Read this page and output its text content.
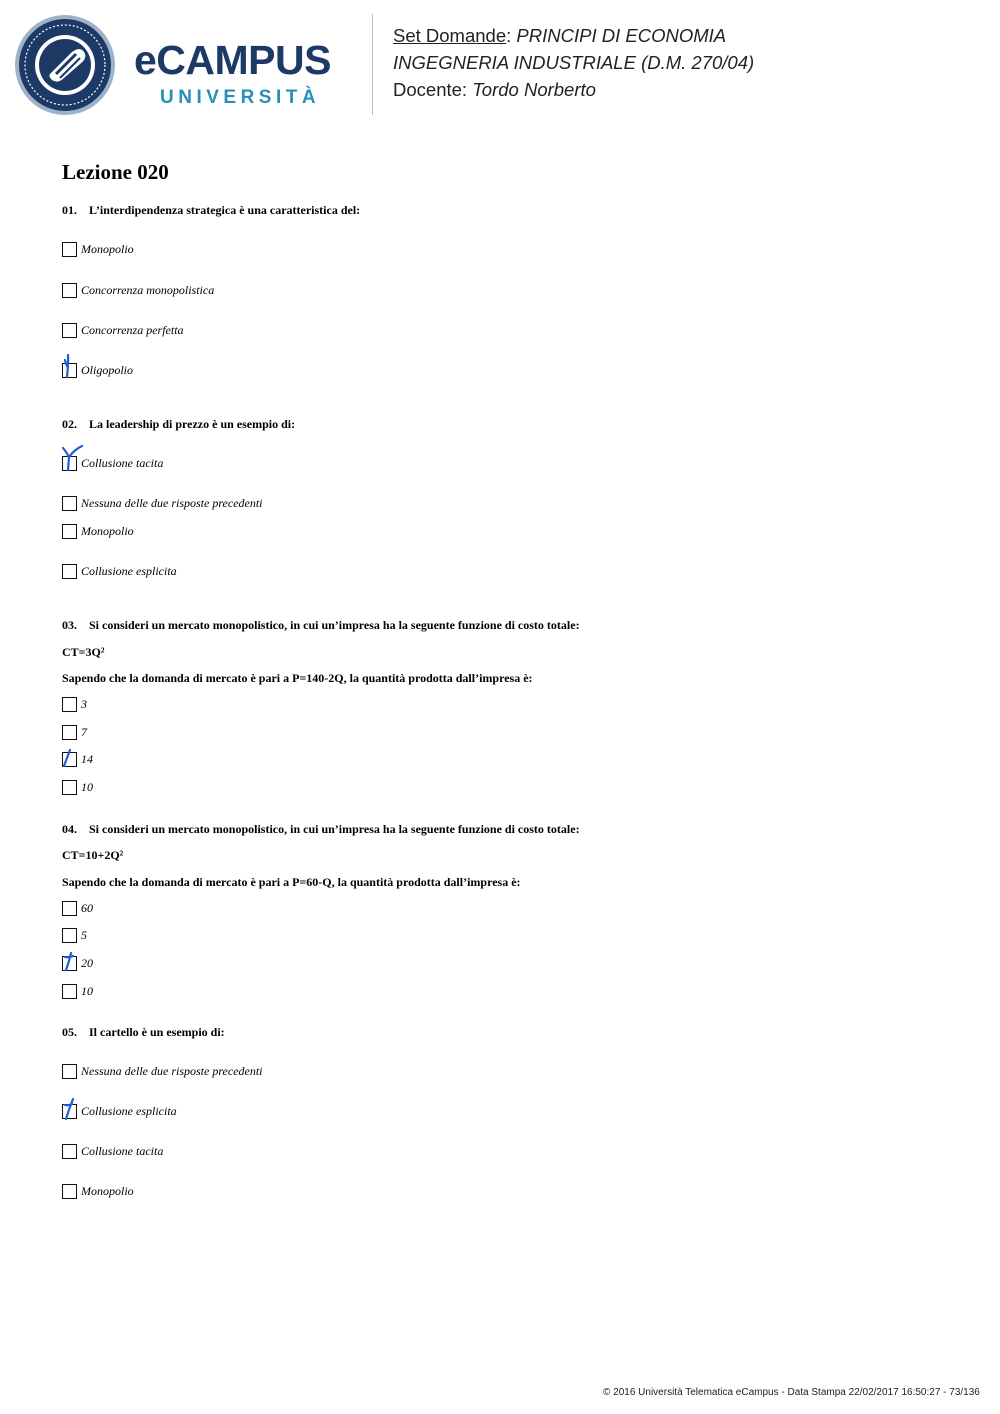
eCAMPUS
UNIVERSITÀ
Set Domande: PRINCIPI DI ECONOMIA
INGEGNERIA INDUSTRIALE (D.M. 270/04)
Docente: Tordo Norberto
Lezione 020
01. L’interdipendenza strategica è una caratteristica del:
Monopolio
Concorrenza monopolistica
Concorrenza perfetta
Oligopolio
02. La leadership di prezzo è un esempio di:
Collusione tacita
Nessuna delle due risposte precedenti
Monopolio
Collusione esplicita
03. Si consideri un mercato monopolistico, in cui un’impresa ha la seguente funzione di costo totale:
CT=3Q²
Sapendo che la domanda di mercato è pari a P=140-2Q, la quantità prodotta dall’impresa è:
3
7
14
10
04. Si consideri un mercato monopolistico, in cui un’impresa ha la seguente funzione di costo totale:
CT=10+2Q²
Sapendo che la domanda di mercato è pari a P=60-Q, la quantità prodotta dall’impresa è:
60
5
20
10
05. Il cartello è un esempio di:
Nessuna delle due risposte precedenti
Collusione esplicita
Collusione tacita
Monopolio
© 2016 Università Telematica eCampus - Data Stampa 22/02/2017 16:50:27 - 73/136
